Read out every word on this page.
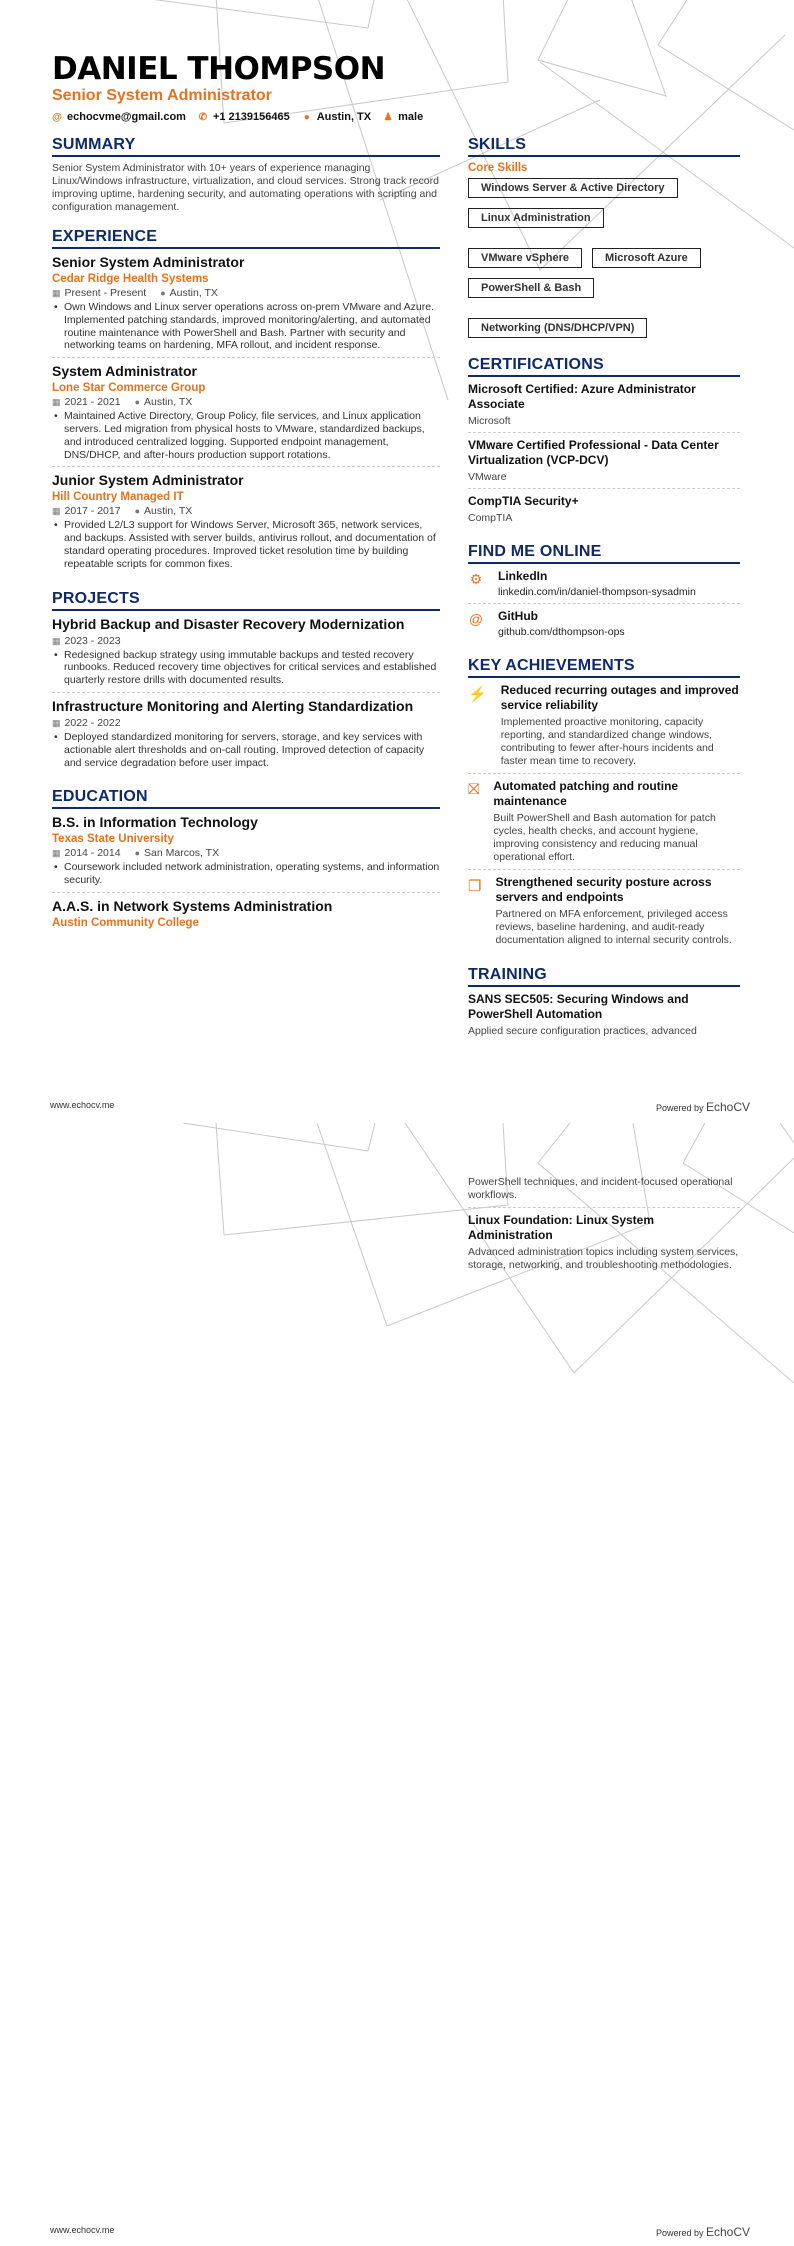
DANIEL THOMPSON
Senior System Administrator
@ echocvme@gmail.com ✆ +1 2139156465 ● Austin, TX ♟ male
SUMMARY
Senior System Administrator with 10+ years of experience managing Linux/Windows infrastructure, virtualization, and cloud services. Strong track record improving uptime, hardening security, and automating operations with scripting and configuration management.
EXPERIENCE
Senior System Administrator
Cedar Ridge Health Systems
▦ Present - Present ● Austin, TX
• Own Windows and Linux server operations across on-prem VMware and Azure. Implemented patching standards, improved monitoring/alerting, and automated routine maintenance with PowerShell and Bash. Partner with security and networking teams on hardening, MFA rollout, and incident response.
System Administrator
Lone Star Commerce Group
▦ 2021 - 2021 ● Austin, TX
• Maintained Active Directory, Group Policy, file services, and Linux application servers. Led migration from physical hosts to VMware, standardized backups, and introduced centralized logging. Supported endpoint management, DNS/DHCP, and after-hours production support rotations.
Junior System Administrator
Hill Country Managed IT
▦ 2017 - 2017 ● Austin, TX
• Provided L2/L3 support for Windows Server, Microsoft 365, network services, and backups. Assisted with server builds, antivirus rollout, and documentation of standard operating procedures. Improved ticket resolution time by building repeatable scripts for common fixes.
PROJECTS
Hybrid Backup and Disaster Recovery Modernization
▦ 2023 - 2023
• Redesigned backup strategy using immutable backups and tested recovery runbooks. Reduced recovery time objectives for critical services and established quarterly restore drills with documented results.
Infrastructure Monitoring and Alerting Standardization
▦ 2022 - 2022
• Deployed standardized monitoring for servers, storage, and key services with actionable alert thresholds and on-call routing. Improved detection of capacity and service degradation before user impact.
EDUCATION
B.S. in Information Technology
Texas State University
▦ 2014 - 2014 ● San Marcos, TX
• Coursework included network administration, operating systems, and information security.
A.A.S. in Network Systems Administration
Austin Community College
SKILLS
Core Skills
Windows Server & Active Directory
Linux Administration
VMware vSphere	Microsoft Azure
PowerShell & Bash
Networking (DNS/DHCP/VPN)
CERTIFICATIONS
Microsoft Certified: Azure Administrator Associate
Microsoft
VMware Certified Professional - Data Center Virtualization (VCP-DCV)
VMware
CompTIA Security+
CompTIA
FIND ME ONLINE
⚙ LinkedIn
linkedin.com/in/daniel-thompson-sysadmin
@ GitHub
github.com/dthompson-ops
KEY ACHIEVEMENTS
⚡ Reduced recurring outages and improved service reliability
Implemented proactive monitoring, capacity reporting, and standardized change windows, contributing to fewer after-hours incidents and faster mean time to recovery.
⛝ Automated patching and routine maintenance
Built PowerShell and Bash automation for patch cycles, health checks, and account hygiene, improving consistency and reducing manual operational effort.
❐ Strengthened security posture across servers and endpoints
Partnered on MFA enforcement, privileged access reviews, baseline hardening, and audit-ready documentation aligned to internal security controls.
TRAINING
SANS SEC505: Securing Windows and PowerShell Automation
Applied secure configuration practices, advanced
www.echocv.me	Powered by EchoCV
PowerShell techniques, and incident-focused operational workflows.
Linux Foundation: Linux System Administration
Advanced administration topics including system services, storage, networking, and troubleshooting methodologies.
www.echocv.me	Powered by EchoCV
